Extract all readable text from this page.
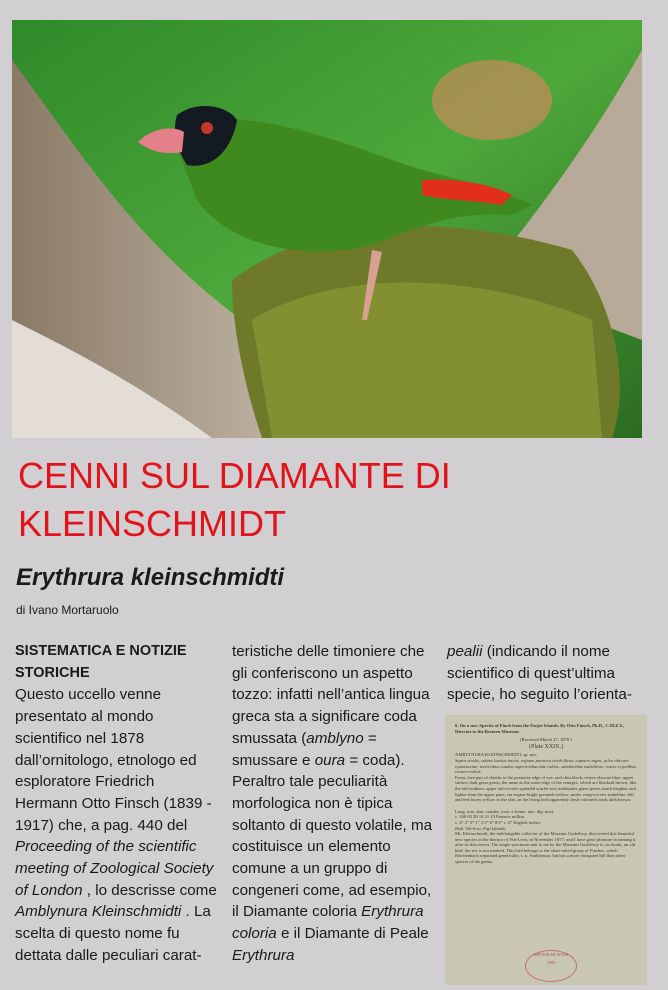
CENNI SUL DIAMANTE DI KLEINSCHMIDT
Erythrura kleinschmidti
di Ivano Mortaruolo
SISTEMATICA E NOTIZIE STORICHE
Questo uccello venne presentato al mondo scientifico nel 1878 dall’ornitologo, etnologo ed esploratore Friedrich Hermann Otto Finsch (1839 - 1917) che, a pag. 440 del Proceeding of the scientific meeting of Zoological Society of London , lo descrisse come Amblynura Kleinschmidti . La scelta di questo nome fu dettata dalle peculiari carat-
teristiche delle timoniere che gli conferiscono un aspetto tozzo: infatti nell’antica lingua greca sta a significare coda smussata (amblyno = smussare e oura = coda). Peraltro tale peculiarità morfologica non è tipica soltanto di questo volatile, ma costituisce un elemento comune a un gruppo di congeneri come, ad esempio, il Diamante coloria Erythrura coloria e il Diamante di Peale Erythrura
pealii (indicando il nome scientifico di quest’ultima specie, ho seguito l’orienta-
6. On a new Species of Finch from the Feejee Islands. By Otto Finsch, Ph.D., C.M.Z.S., Director to the Bremen Museum.
[Received March 27, 1878.]
(Plate XXIX.)
AMBLYNURA KLEINSCHMIDTI, sp. nov.
Supra viridis, subtus laetius tincta; regione parotica viridi-flava; capistro nigro; pileo obscure cyanescente; tectricibus caudae superioribus late rubris; subalaribus isabellinis; rostro et pedibus corneo-rubris.
Front, fore part of cheeks to the posterior edge of eye, and chin black; vertex obscure blue; upper surface dark grass green, the same as the outer edge of the remiges, which are blackish brown, like the tail-feathers; upper tail-coverts splendid scarlet-red; underparts grass-green, much brighter and lighter than the upper parts, ear-region bright greenish-yellow; under wing-coverts isabelline; bill and feet horny yellow in the skin, in the living bird apparently flesh-coloured, nails dark brown.
Long. tota. alae. caudae. rostr. a fronte. tars. dig. med.
c. 100 63 29 14 21 15 Französ millim.
c. 4″ 2″ 5‴ 1″ 1½‴ 6‴ 8½‴ c. 6‴ English inches.
Hab. Viti-levu, Figi Islands.
Mr. Kleinschmidt, the indefatigable collector of the Museum Godeffroy, discovered this beautiful new species in the interior of Viti-Levu, in November 1877; and I have great pleasure in naming it after its discoverer. The single specimen sent to me by the Museum Godeffroy is, no doubt, an old bird: the sex is not marked. This bird belongs to the short-tailed group of Finches, which Reichenbach separated generically, s. n. Amblynura, but has a more elongated bill than other species of the genus.
BRITISH MUSEUM
2000
